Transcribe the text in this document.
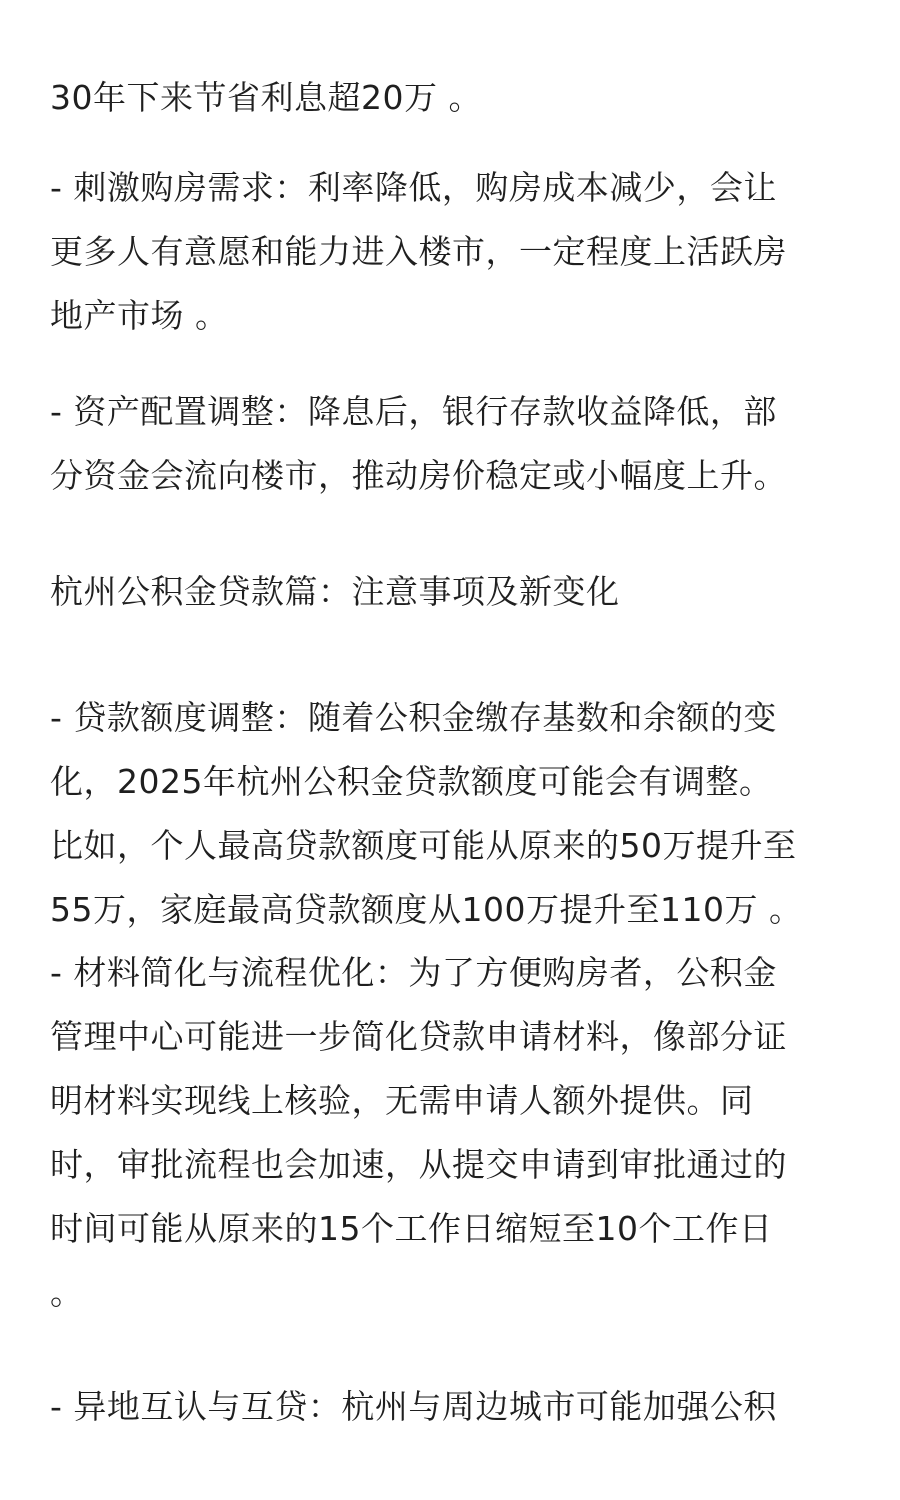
30年下来节省利息超20万 。

- 刺激购房需求：利率降低，购房成本减少，会让
更多人有意愿和能力进入楼市，一定程度上活跃房
地产市场 。

- 资产配置调整：降息后，银行存款收益降低，部
分资金会流向楼市，推动房价稳定或小幅度上升。

杭州公积金贷款篇：注意事项及新变化

- 贷款额度调整：随着公积金缴存基数和余额的变
化，2025年杭州公积金贷款额度可能会有调整。
比如，个人最高贷款额度可能从原来的50万提升至
55万，家庭最高贷款额度从100万提升至110万 。

- 材料简化与流程优化：为了方便购房者，公积金
管理中心可能进一步简化贷款申请材料，像部分证
明材料实现线上核验，无需申请人额外提供。同
时，审批流程也会加速，从提交申请到审批通过的
时间可能从原来的15个工作日缩短至10个工作日
。

- 异地互认与互贷：杭州与周边城市可能加强公积
